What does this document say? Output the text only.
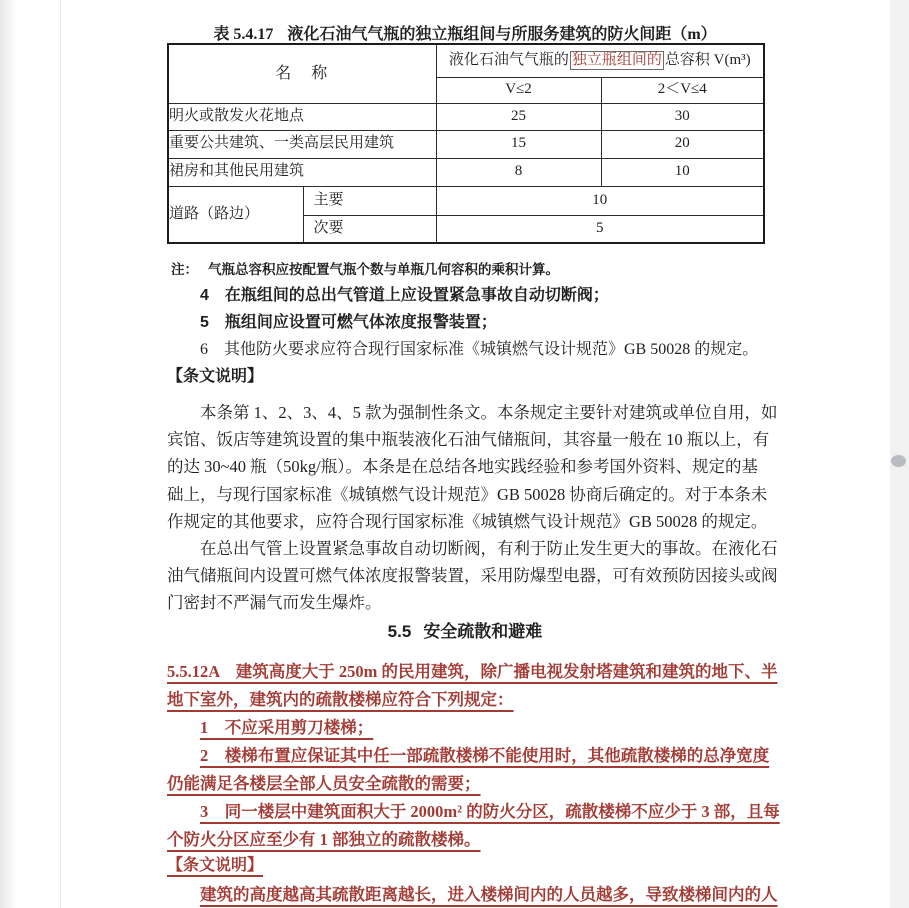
表 5.4.17 液化石油气气瓶的独立瓶组间与所服务建筑的防火间距（m）
名　称		液化石油气气瓶的 独立瓶组间的 总容积 V(m³)	
		V≤2	2＜V≤4
明火或散发火花地点		25	30
重要公共建筑、一类高层民用建筑		15	20
裙房和其他民用建筑		8	10
道路（路边）	主要	10	
	次要	5	
注： 气瓶总容积应按配置气瓶个数与单瓶几何容积的乘积计算。
4 在瓶组间的总出气管道上应设置紧急事故自动切断阀；
5 瓶组间应设置可燃气体浓度报警装置；
6 其他防火要求应符合现行国家标准《城镇燃气设计规范》GB 50028 的规定。
【条文说明】
本条第 1、2、3、4、5 款为强制性条文。本条规定主要针对建筑或单位自用，如
宾馆、饭店等建筑设置的集中瓶装液化石油气储瓶间，其容量一般在 10 瓶以上，有
的达 30~40 瓶（50kg/瓶）。本条是在总结各地实践经验和参考国外资料、规定的基
础上，与现行国家标准《城镇燃气设计规范》GB 50028 协商后确定的。对于本条未
作规定的其他要求，应符合现行国家标准《城镇燃气设计规范》GB 50028 的规定。
在总出气管上设置紧急事故自动切断阀，有利于防止发生更大的事故。在液化石
油气储瓶间内设置可燃气体浓度报警装置，采用防爆型电器，可有效预防因接头或阀
门密封不严漏气而发生爆炸。
5.5 安全疏散和避难
5.5.12A　建筑高度大于 250m 的民用建筑，除广播电视发射塔建筑和建筑的地下、半
地下室外，建筑内的疏散楼梯应符合下列规定：
1　不应采用剪刀楼梯；
2　楼梯布置应保证其中任一部疏散楼梯不能使用时，其他疏散楼梯的总净宽度
仍能满足各楼层全部人员安全疏散的需要；
3　同一楼层中建筑面积大于 2000m² 的防火分区，疏散楼梯不应少于 3 部，且每
个防火分区应至少有 1 部独立的疏散楼梯。
【条文说明】
建筑的高度越高其疏散距离越长，进入楼梯间内的人员越多，导致楼梯间内的人
